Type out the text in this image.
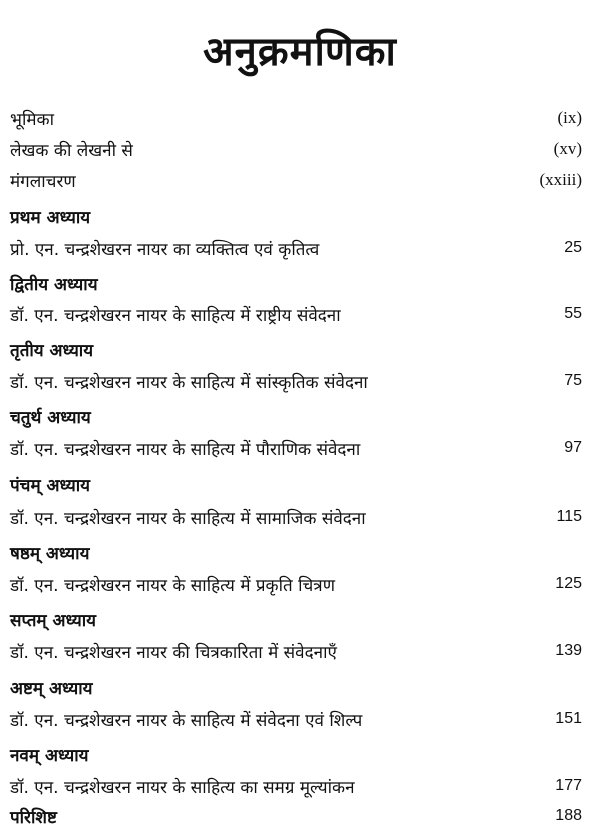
अनुक्रमणिका
भूमिका	(ix)
लेखक की लेखनी से	(xv)
मंगलाचरण	(xxiii)
प्रथम अध्याय
प्रो. एन. चन्द्रशेखरन नायर का व्यक्तित्व एवं कृतित्व	25
द्वितीय अध्याय
डॉ. एन. चन्द्रशेखरन नायर के साहित्य में राष्ट्रीय संवेदना	55
तृतीय अध्याय
डॉ. एन. चन्द्रशेखरन नायर के साहित्य में सांस्कृतिक संवेदना	75
चतुर्थ अध्याय
डॉ. एन. चन्द्रशेखरन नायर के साहित्य में पौराणिक संवेदना	97
पंचम् अध्याय
डॉ. एन. चन्द्रशेखरन नायर के साहित्य में सामाजिक संवेदना	115
षष्ठम् अध्याय
डॉ. एन. चन्द्रशेखरन नायर के साहित्य में प्रकृति चित्रण	125
सप्तम् अध्याय
डॉ. एन. चन्द्रशेखरन नायर की चित्रकारिता में संवेदनाएँ	139
अष्टम् अध्याय
डॉ. एन. चन्द्रशेखरन नायर के साहित्य में संवेदना एवं शिल्प	151
नवम् अध्याय
डॉ. एन. चन्द्रशेखरन नायर के साहित्य का समग्र मूल्यांकन	177
परिशिष्ट	188
